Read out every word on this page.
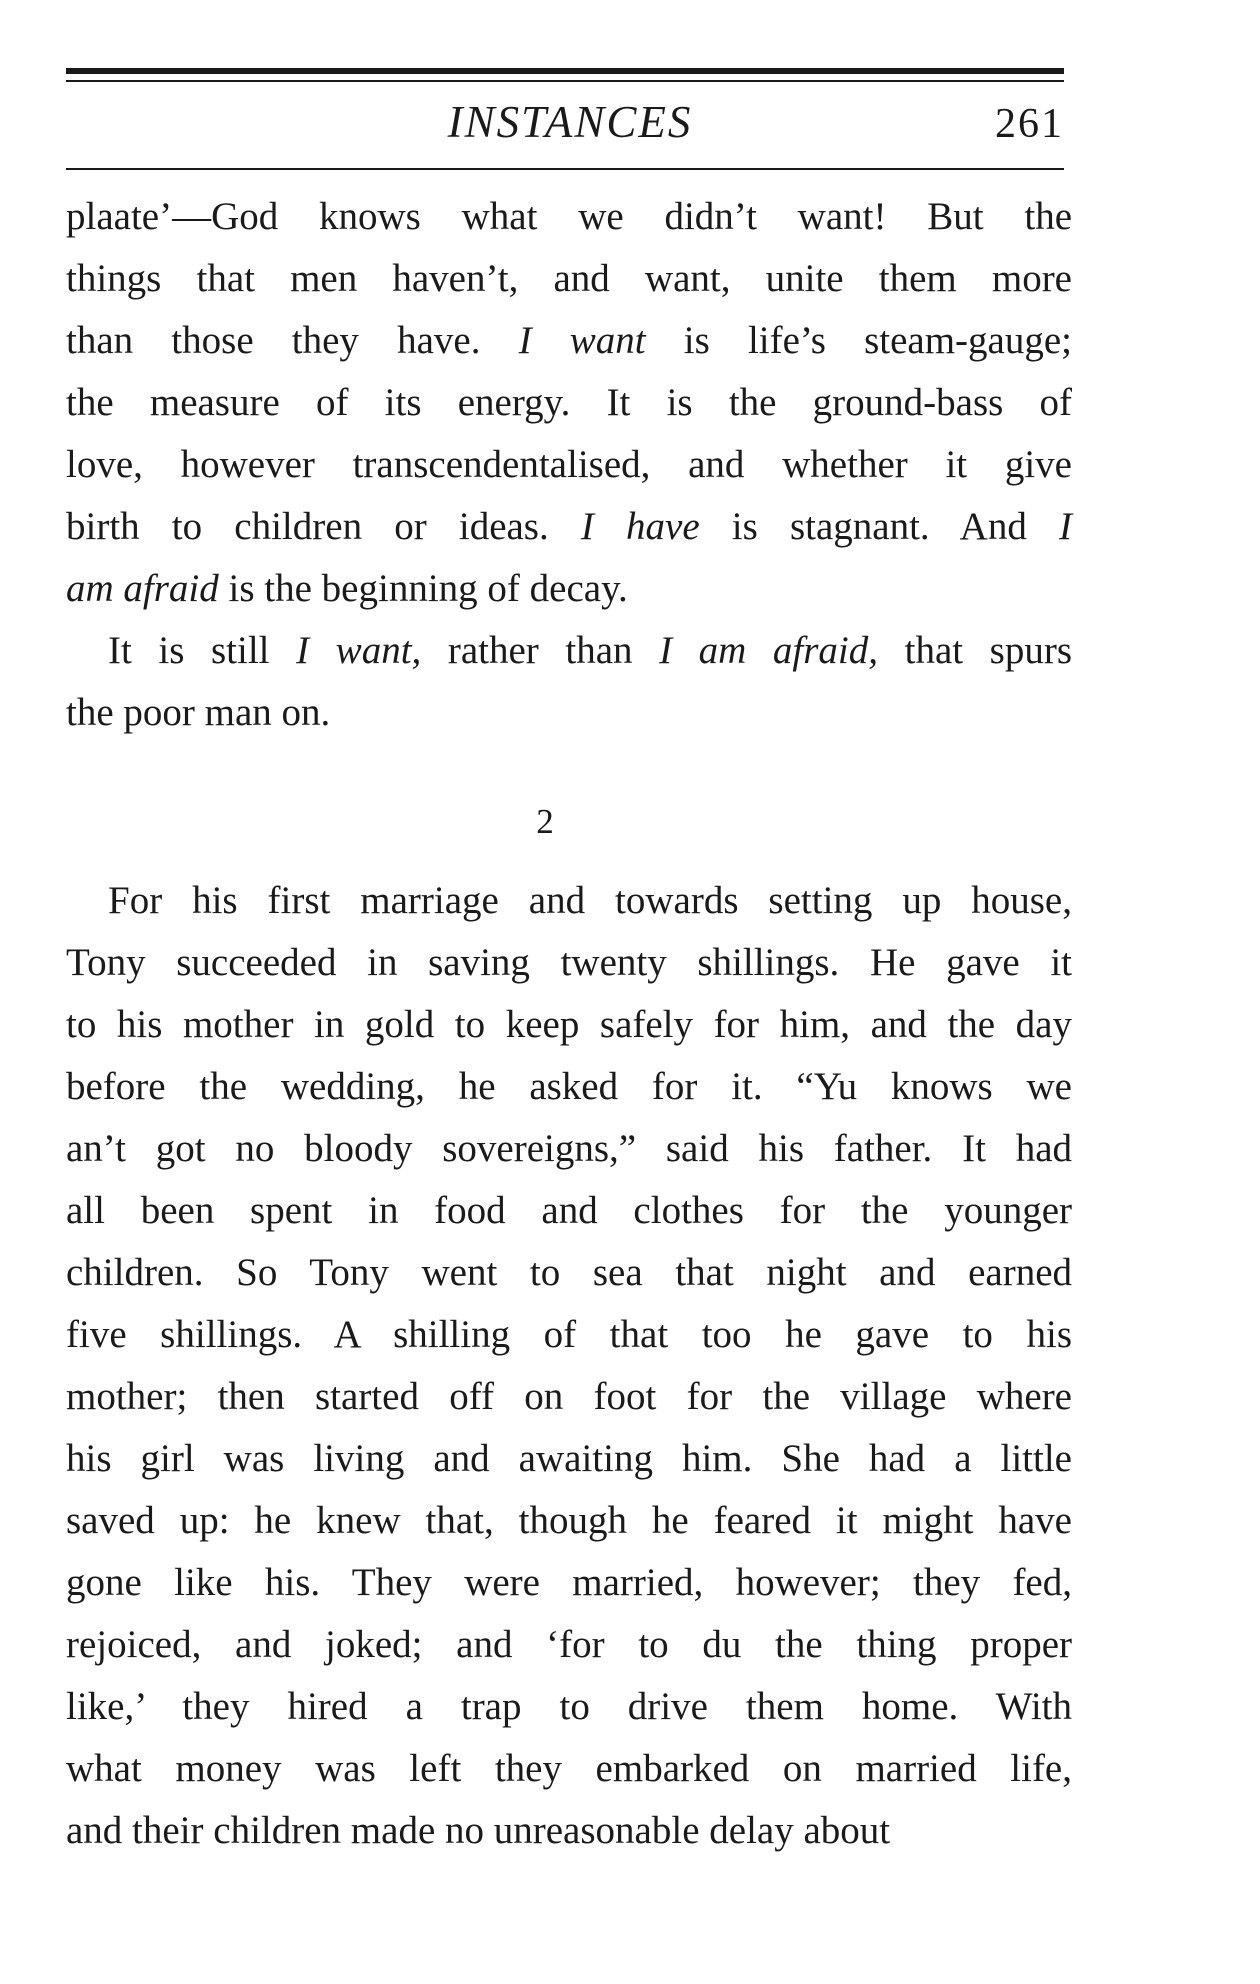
INSTANCES	261
plaate’—God knows what we didn’t want! But the
things that men haven’t, and want, unite them more
than those they have. I want is life’s steam-gauge;
the measure of its energy. It is the ground-bass of
love, however transcendentalised, and whether it give
birth to children or ideas. I have is stagnant. And I
am afraid is the beginning of decay.
It is still I want, rather than I am afraid, that spurs
the poor man on.
2
For his first marriage and towards setting up house,
Tony succeeded in saving twenty shillings. He gave it
to his mother in gold to keep safely for him, and the day
before the wedding, he asked for it. “Yu knows we
an’t got no bloody sovereigns,” said his father. It had
all been spent in food and clothes for the younger
children. So Tony went to sea that night and earned
five shillings. A shilling of that too he gave to his
mother; then started off on foot for the village where
his girl was living and awaiting him. She had a little
saved up: he knew that, though he feared it might have
gone like his. They were married, however; they fed,
rejoiced, and joked; and ‘for to du the thing proper
like,’ they hired a trap to drive them home. With
what money was left they embarked on married life,
and their children made no unreasonable delay about
